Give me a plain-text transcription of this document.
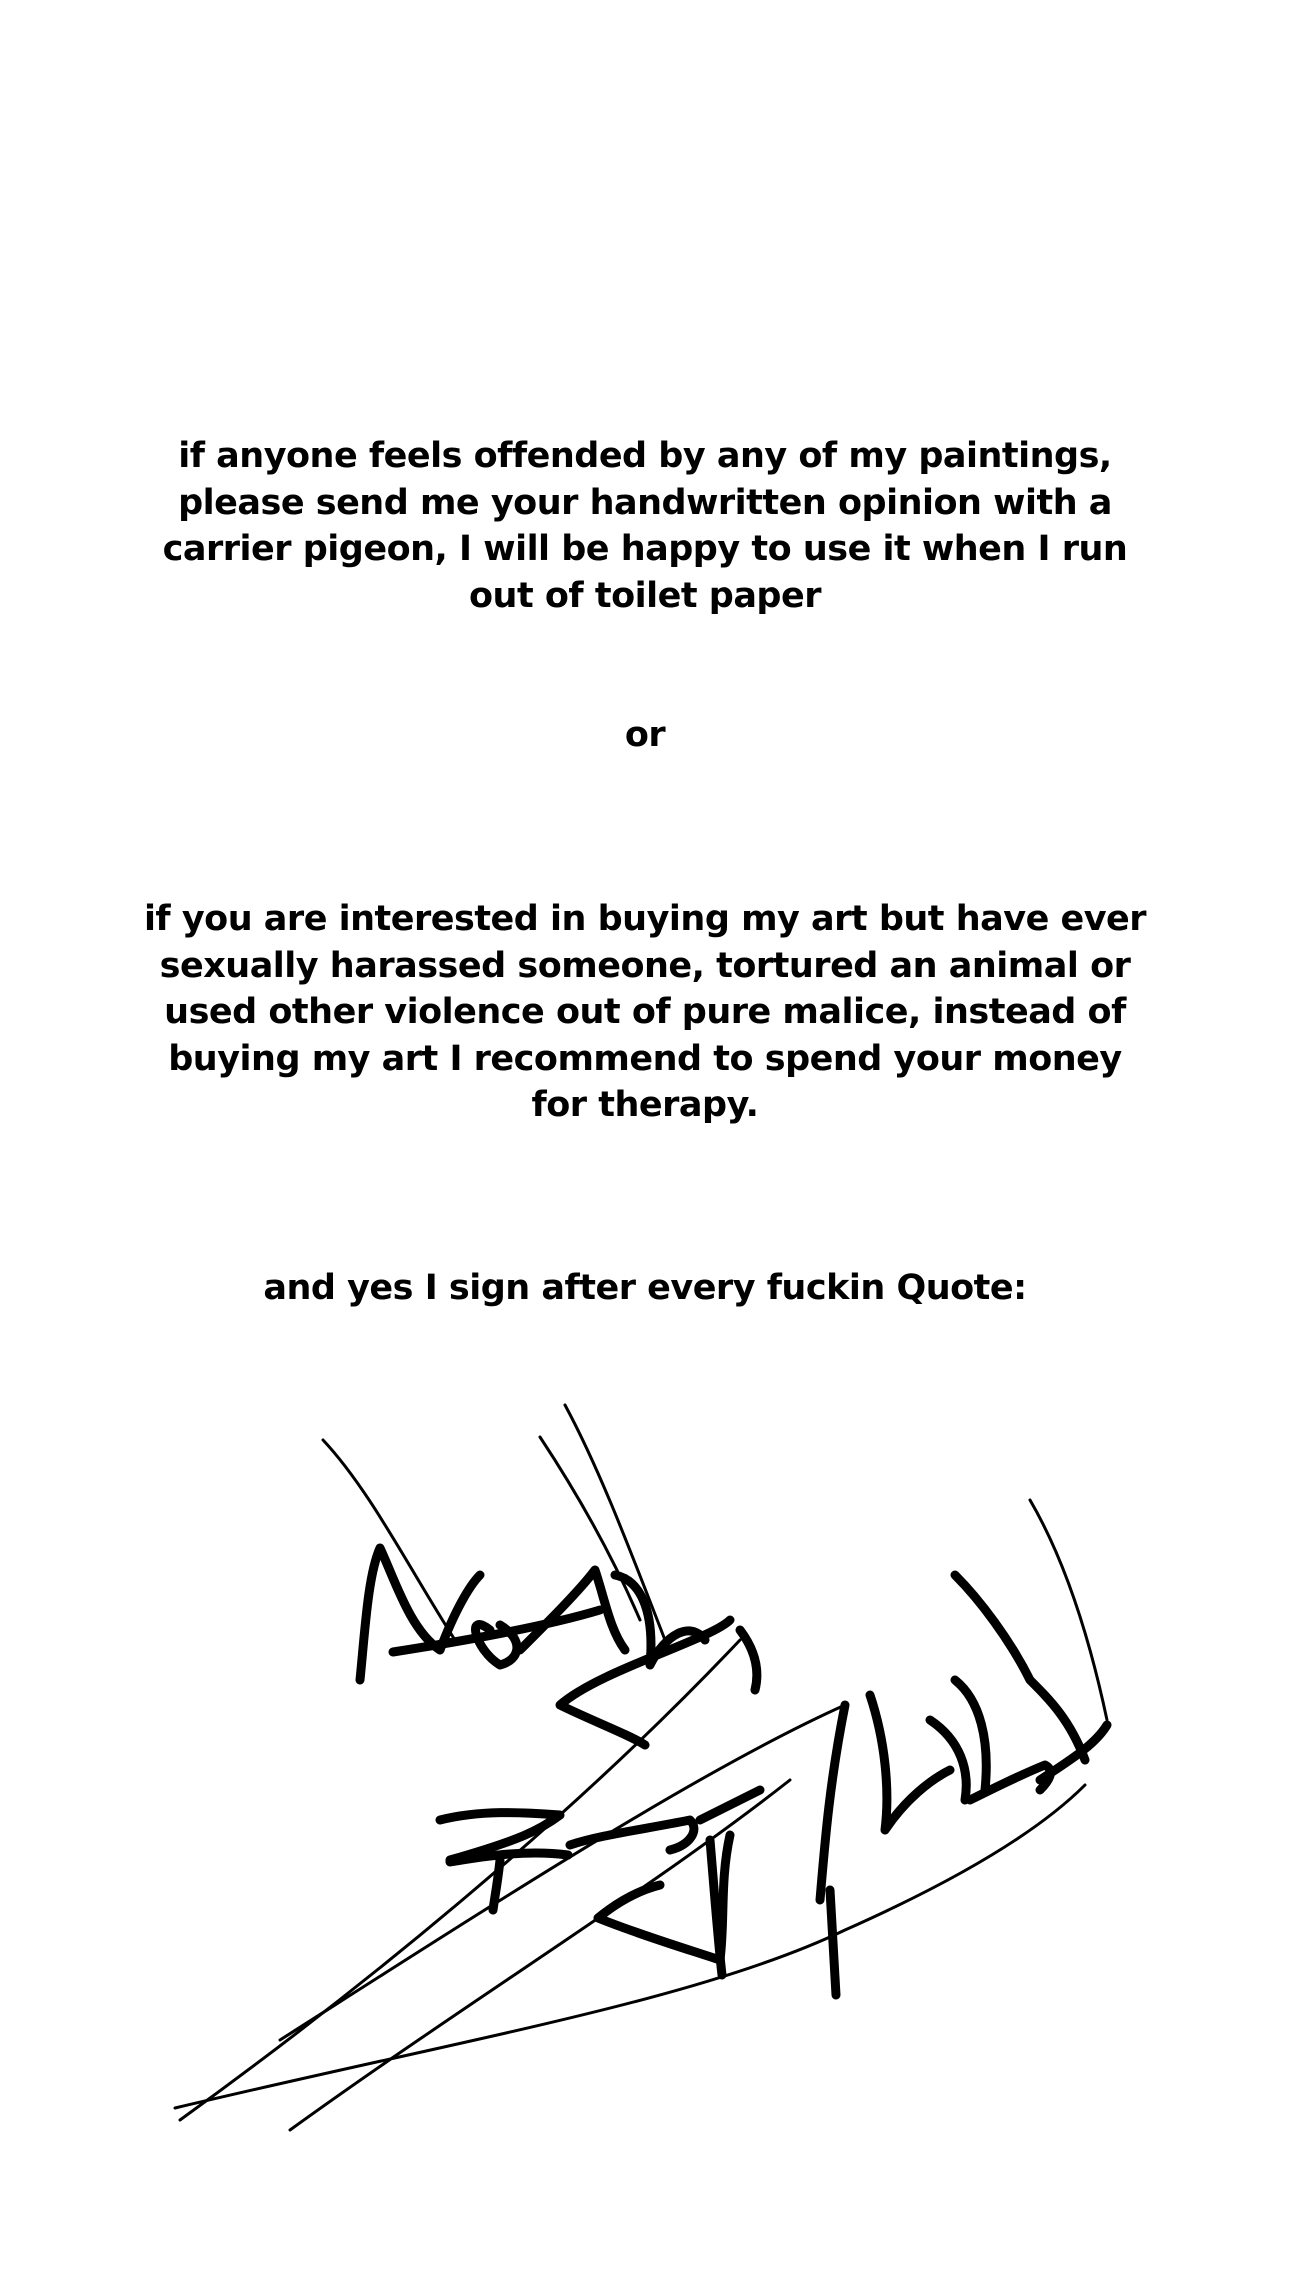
if anyone feels offended by any of my paintings,
please send me your handwritten opinion with a
carrier pigeon, I will be happy to use it when I run
out of toilet paper
or
if you are interested in buying my art but have ever
sexually harassed someone, tortured an animal or
used other violence out of pure malice, instead of
buying my art I recommend to spend your money
for therapy.
and yes I sign after every fuckin Quote:
